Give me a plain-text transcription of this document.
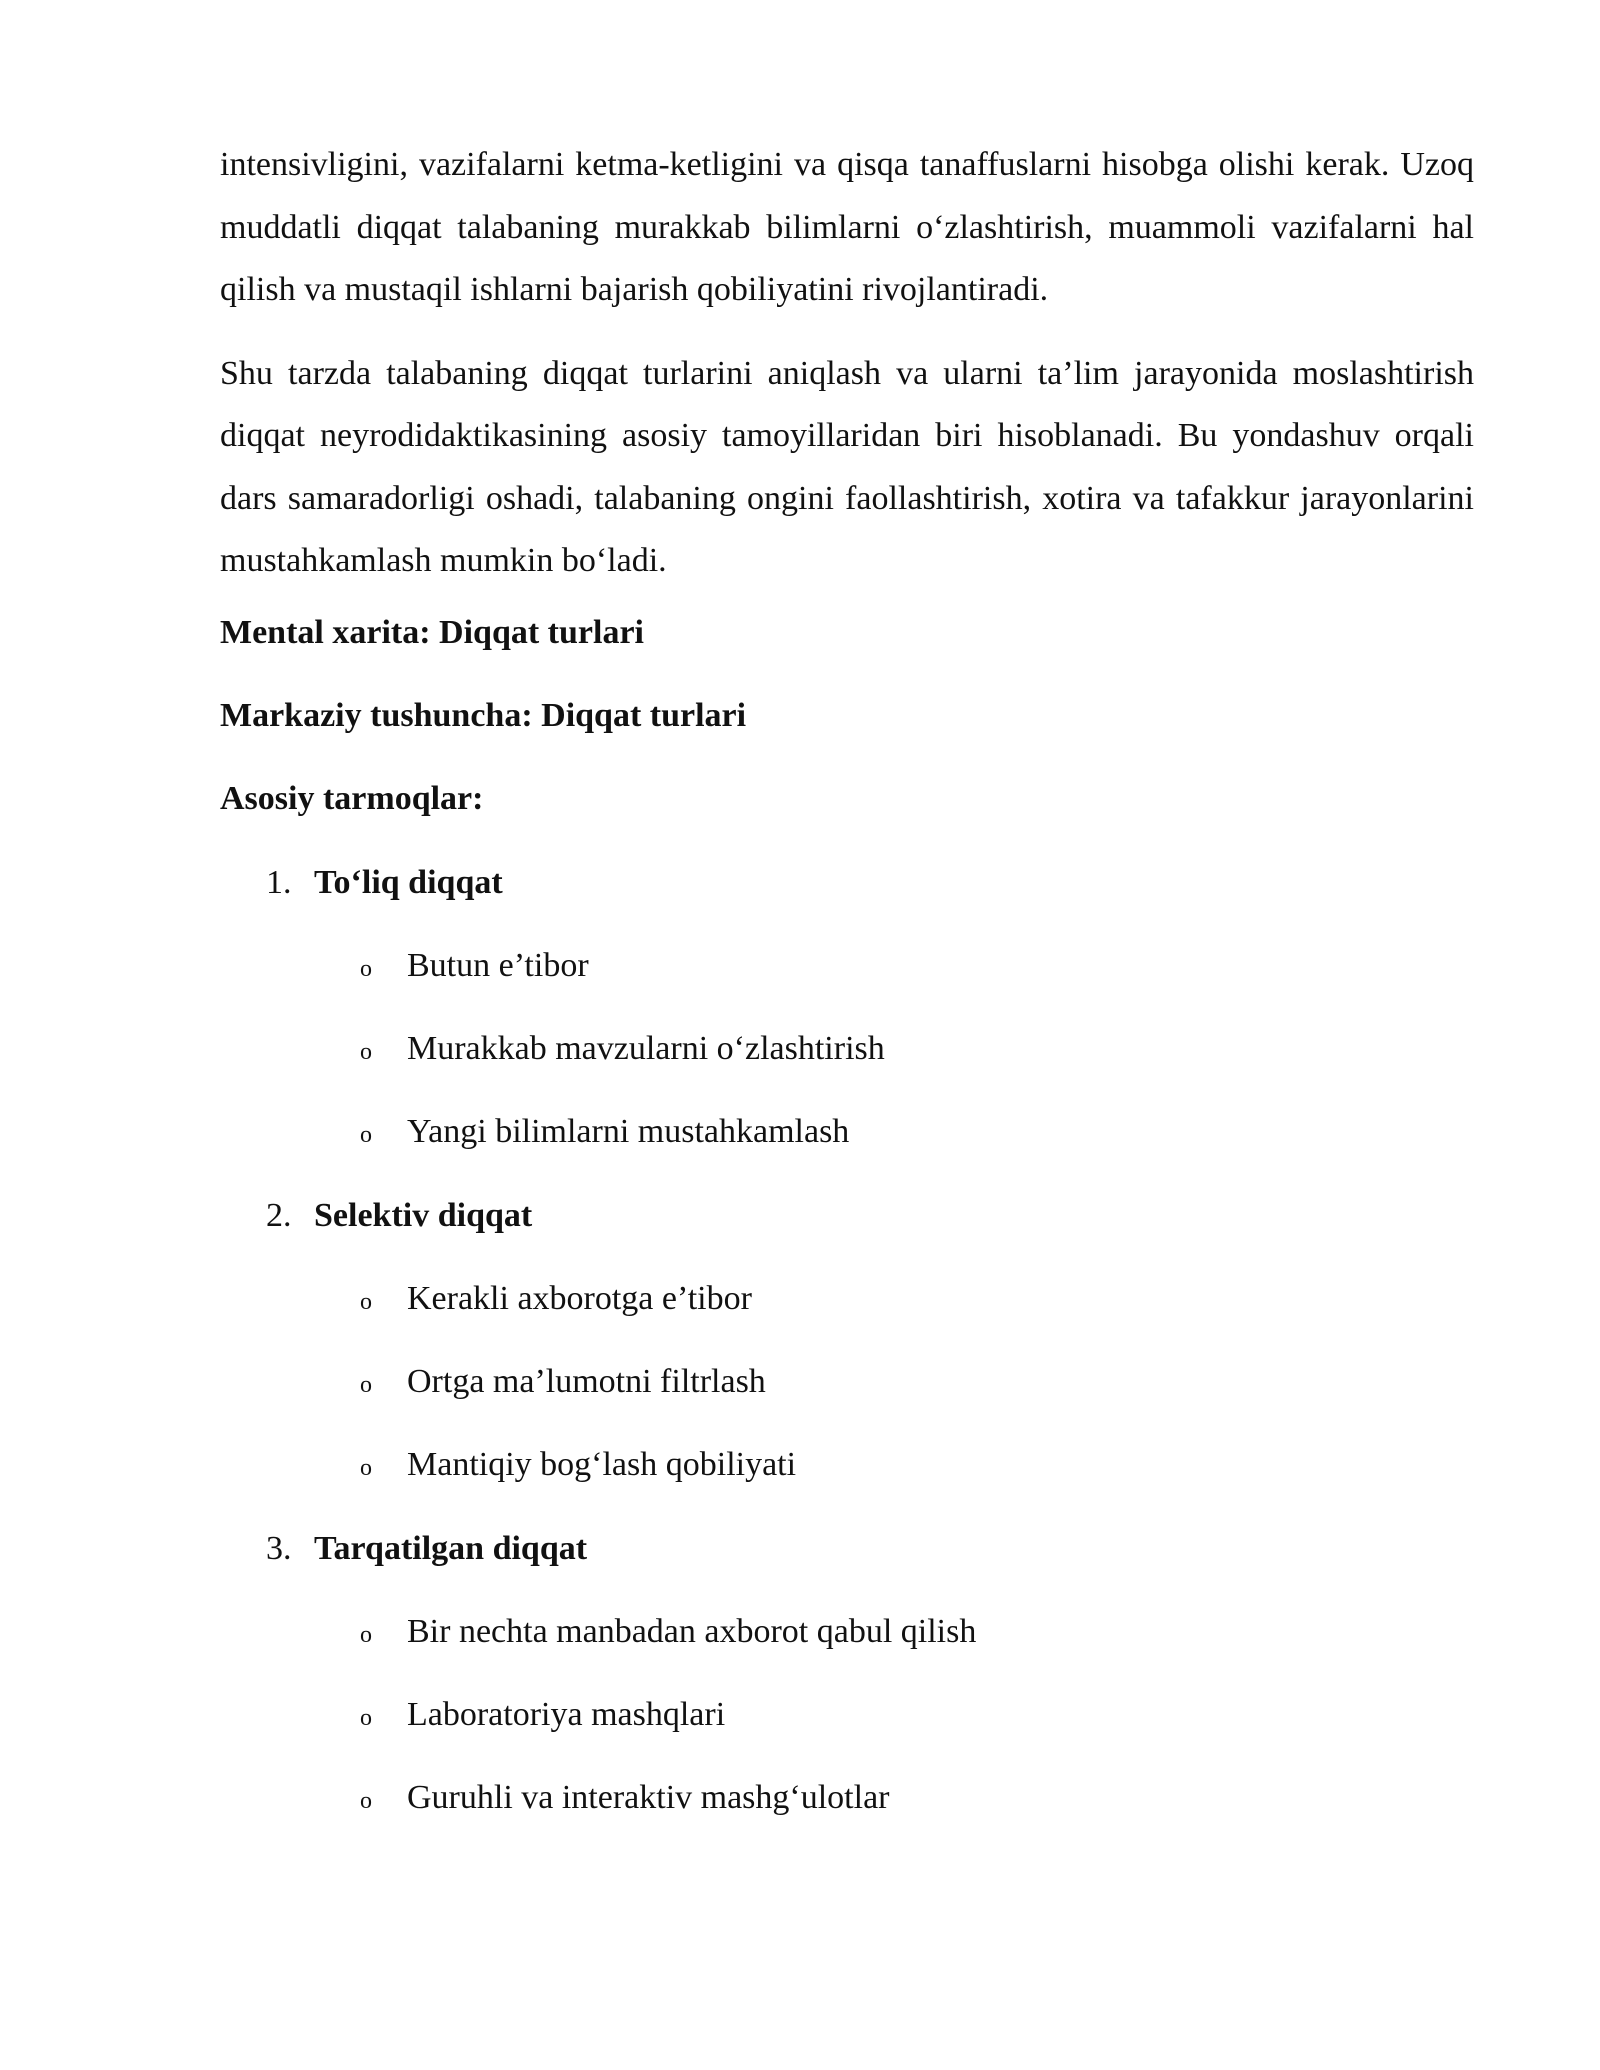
intensivligini, vazifalarni ketma-ketligini va qisqa tanaffuslarni hisobga olishi kerak. Uzoq muddatli diqqat talabaning murakkab bilimlarni o‘zlashtirish, muammoli vazifalarni hal qilish va mustaqil ishlarni bajarish qobiliyatini rivojlantiradi.

Shu tarzda talabaning diqqat turlarini aniqlash va ularni ta’lim jarayonida moslashtirish diqqat neyrodidaktikasining asosiy tamoyillaridan biri hisoblanadi. Bu yondashuv orqali dars samaradorligi oshadi, talabaning ongini faollashtirish, xotira va tafakkur jarayonlarini mustahkamlash mumkin bo‘ladi.

Mental xarita: Diqqat turlari

Markaziy tushuncha: Diqqat turlari

Asosiy tarmoqlar:

1. To‘liq diqqat
o Butun e’tibor
o Murakkab mavzularni o‘zlashtirish
o Yangi bilimlarni mustahkamlash
2. Selektiv diqqat
o Kerakli axborotga e’tibor
o Ortga ma’lumotni filtrlash
o Mantiqiy bog‘lash qobiliyati
3. Tarqatilgan diqqat
o Bir nechta manbadan axborot qabul qilish
o Laboratoriya mashqlari
o Guruhli va interaktiv mashg‘ulotlar
